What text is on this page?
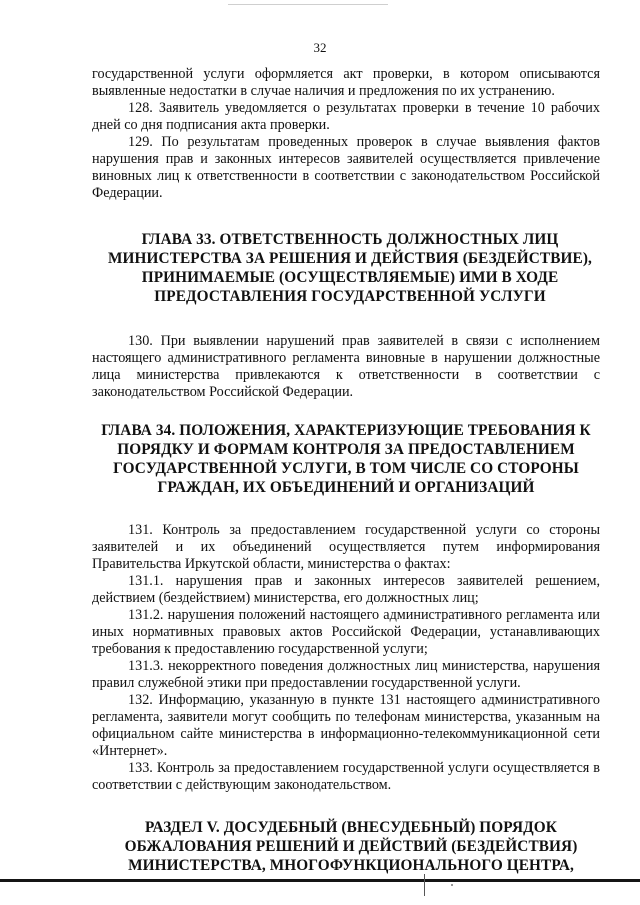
32

государственной услуги оформляется акт проверки, в котором описываются выявленные недостатки в случае наличия и предложения по их устранению.

128. Заявитель уведомляется о результатах проверки в течение 10 рабочих дней со дня подписания акта проверки.

129. По результатам проведенных проверок в случае выявления фактов нарушения прав и законных интересов заявителей осуществляется привлечение виновных лиц к ответственности в соответствии с законодательством Российской Федерации.

ГЛАВА 33. ОТВЕТСТВЕННОСТЬ ДОЛЖНОСТНЫХ ЛИЦ МИНИСТЕРСТВА ЗА РЕШЕНИЯ И ДЕЙСТВИЯ (БЕЗДЕЙСТВИЕ), ПРИНИМАЕМЫЕ (ОСУЩЕСТВЛЯЕМЫЕ) ИМИ В ХОДЕ ПРЕДОСТАВЛЕНИЯ ГОСУДАРСТВЕННОЙ УСЛУГИ

130. При выявлении нарушений прав заявителей в связи с исполнением настоящего административного регламента виновные в нарушении должностные лица министерства привлекаются к ответственности в соответствии с законодательством Российской Федерации.

ГЛАВА 34. ПОЛОЖЕНИЯ, ХАРАКТЕРИЗУЮЩИЕ ТРЕБОВАНИЯ К ПОРЯДКУ И ФОРМАМ КОНТРОЛЯ ЗА ПРЕДОСТАВЛЕНИЕМ ГОСУДАРСТВЕННОЙ УСЛУГИ, В ТОМ ЧИСЛЕ СО СТОРОНЫ ГРАЖДАН, ИХ ОБЪЕДИНЕНИЙ И ОРГАНИЗАЦИЙ

131. Контроль за предоставлением государственной услуги со стороны заявителей и их объединений осуществляется путем информирования Правительства Иркутской области, министерства о фактах:

131.1. нарушения прав и законных интересов заявителей решением, действием (бездействием) министерства, его должностных лиц;

131.2. нарушения положений настоящего административного регламента или иных нормативных правовых актов Российской Федерации, устанавливающих требования к предоставлению государственной услуги;

131.3. некорректного поведения должностных лиц министерства, нарушения правил служебной этики при предоставлении государственной услуги.

132. Информацию, указанную в пункте 131 настоящего административного регламента, заявители могут сообщить по телефонам министерства, указанным на официальном сайте министерства в информационно-телекоммуникационной сети «Интернет».

133. Контроль за предоставлением государственной услуги осуществляется в соответствии с действующим законодательством.

РАЗДЕЛ V. ДОСУДЕБНЫЙ (ВНЕСУДЕБНЫЙ) ПОРЯДОК ОБЖАЛОВАНИЯ РЕШЕНИЙ И ДЕЙСТВИЙ (БЕЗДЕЙСТВИЯ) МИНИСТЕРСТВА, МНОГОФУНКЦИОНАЛЬНОГО ЦЕНТРА,
